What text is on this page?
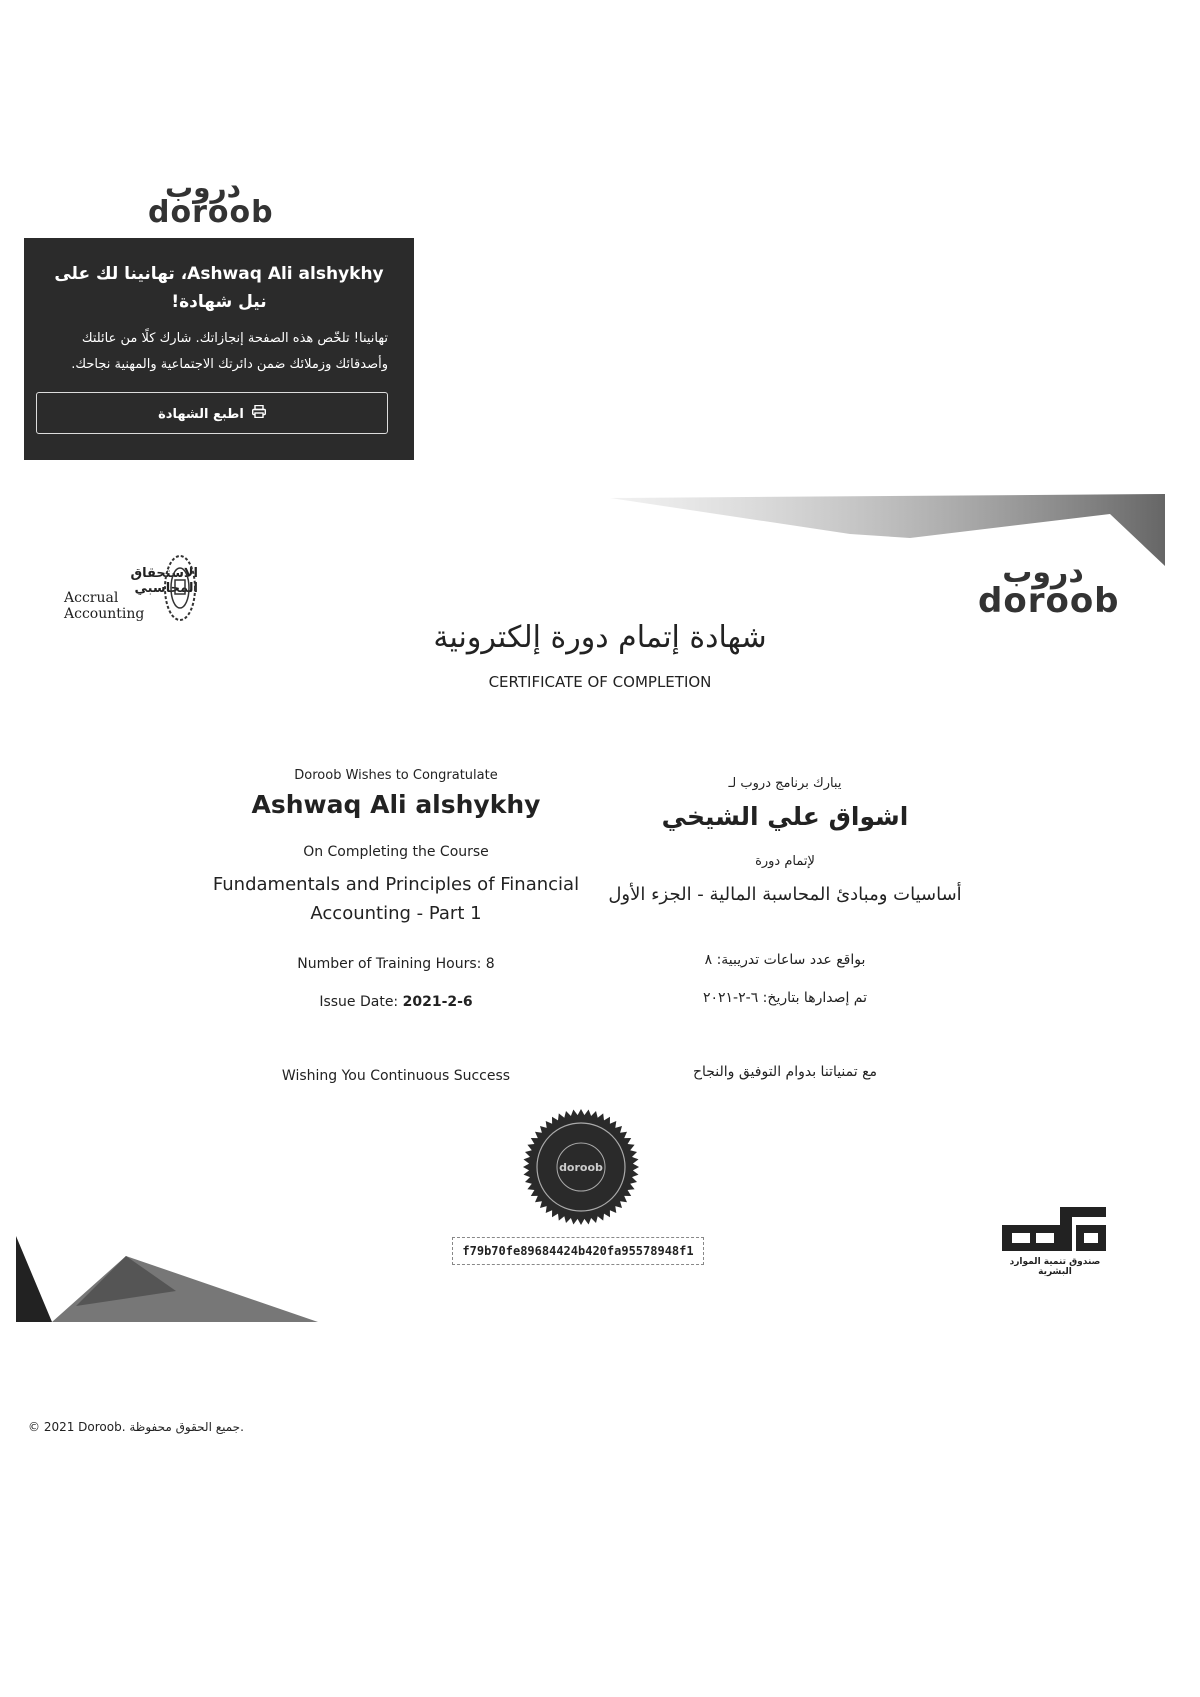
دروب
doroob
Ashwaq Ali alshykhy، تهانينا لك على نيل شهادة!
تهانينا! تلخّص هذه الصفحة إنجازاتك. شارك كلًا من عائلتك وأصدقائك وزملائك ضمن دائرتك الاجتماعية والمهنية نجاحك.
اطبع الشهادة
الاستحقاق المحاسبي
Accrual Accounting
دروب
doroob
شهادة إتمام دورة إلكترونية
CERTIFICATE OF COMPLETION
Doroob Wishes to Congratulate
Ashwaq Ali alshykhy
On Completing the Course
Fundamentals and Principles of Financial Accounting - Part 1
Number of Training Hours: 8
Issue Date: 2021-2-6
Wishing You Continuous Success
يبارك برنامج دروب لـ
اشواق علي الشيخي
لإتمام دورة
أساسيات ومبادئ المحاسبة المالية - الجزء الأول
بواقع عدد ساعات تدريبية: ٨
تم إصدارها بتاريخ: ٦-٢-٢٠٢١
مع تمنياتنا بدوام التوفيق والنجاح
doroob
f79b70fe89684424b420fa95578948f1
صندوق تنمية الموارد البشرية
© 2021 Doroob. جميع الحقوق محفوظة.
